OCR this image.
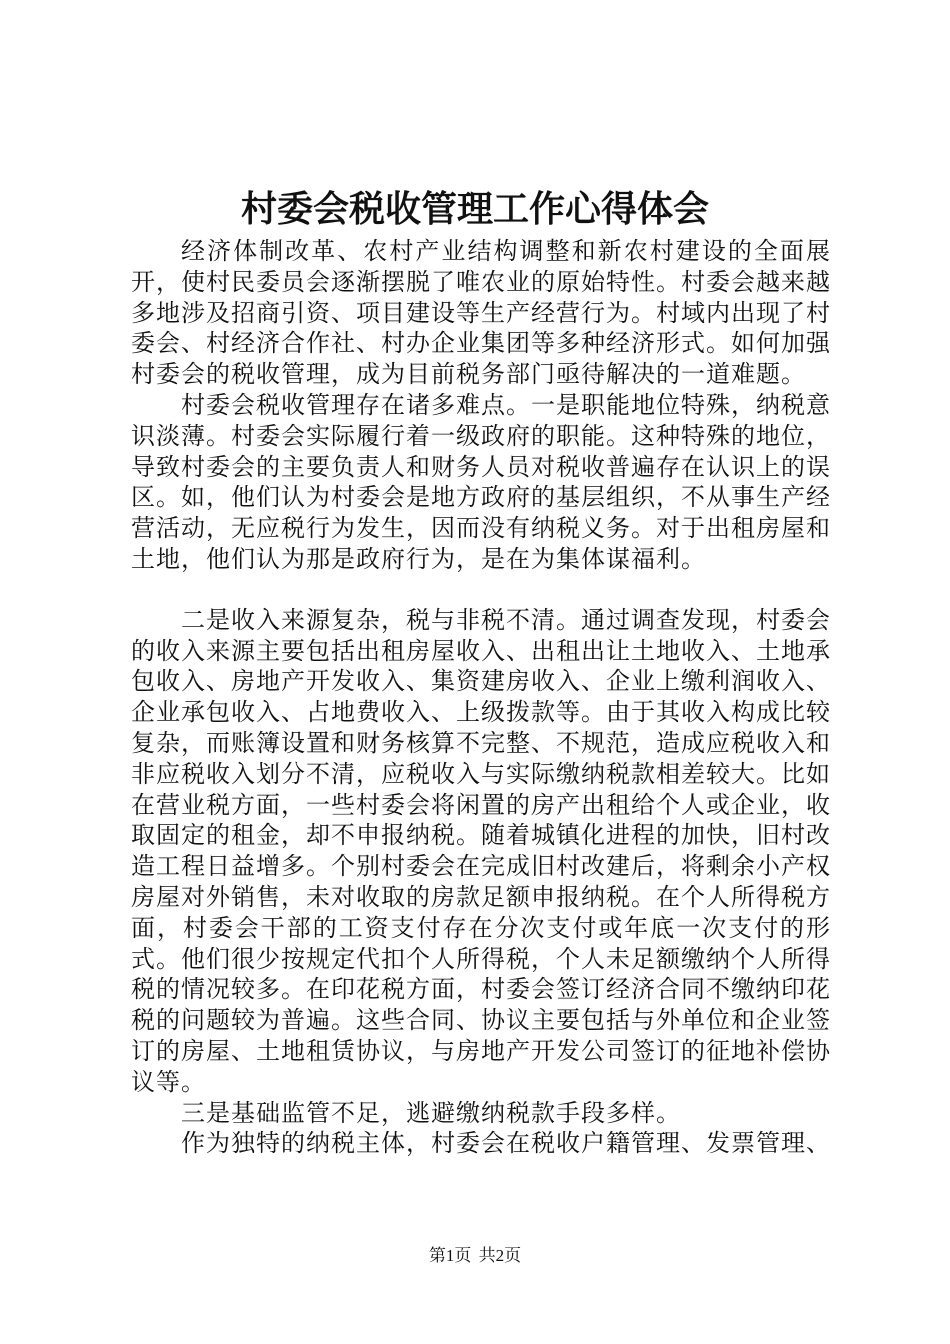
村委会税收管理工作心得体会

经济体制改革、农村产业结构调整和新农村建设的全面展开，使村民委员会逐渐摆脱了唯农业的原始特性。村委会越来越多地涉及招商引资、项目建设等生产经营行为。村域内出现了村委会、村经济合作社、村办企业集团等多种经济形式。如何加强村委会的税收管理，成为目前税务部门亟待解决的一道难题。

村委会税收管理存在诸多难点。一是职能地位特殊，纳税意识淡薄。村委会实际履行着一级政府的职能。这种特殊的地位，导致村委会的主要负责人和财务人员对税收普遍存在认识上的误区。如，他们认为村委会是地方政府的基层组织，不从事生产经营活动，无应税行为发生，因而没有纳税义务。对于出租房屋和土地，他们认为那是政府行为，是在为集体谋福利。

二是收入来源复杂，税与非税不清。通过调查发现，村委会的收入来源主要包括出租房屋收入、出租出让土地收入、土地承包收入、房地产开发收入、集资建房收入、企业上缴利润收入、企业承包收入、占地费收入、上级拨款等。由于其收入构成比较复杂，而账簿设置和财务核算不完整、不规范，造成应税收入和非应税收入划分不清，应税收入与实际缴纳税款相差较大。比如在营业税方面，一些村委会将闲置的房产出租给个人或企业，收取固定的租金，却不申报纳税。随着城镇化进程的加快，旧村改造工程日益增多。个别村委会在完成旧村改建后，将剩余小产权房屋对外销售，未对收取的房款足额申报纳税。在个人所得税方面，村委会干部的工资支付存在分次支付或年底一次支付的形式。他们很少按规定代扣个人所得税，个人未足额缴纳个人所得税的情况较多。在印花税方面，村委会签订经济合同不缴纳印花税的问题较为普遍。这些合同、协议主要包括与外单位和企业签订的房屋、土地租赁协议，与房地产开发公司签订的征地补偿协议等。

三是基础监管不足，逃避缴纳税款手段多样。

作为独特的纳税主体，村委会在税收户籍管理、发票管理、

第1页 共2页
